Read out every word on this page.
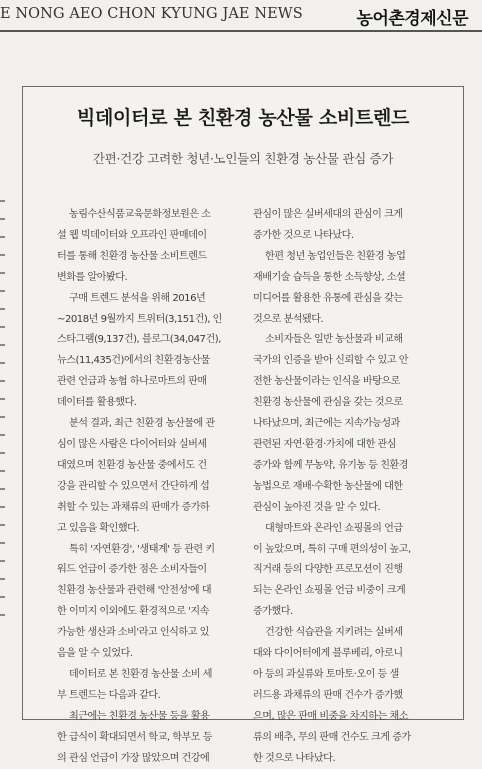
E NONG AEO CHON KYUNG JAE NEWS	농어촌경제신문
빅데이터로 본 친환경 농산물 소비트렌드
간편·건강 고려한 청년·노인들의 친환경 농산물 관심 증가
농림수산식품교육문화정보원은 소
셜 웹 빅데이터와 오프라인 판매데이
터를 통해 친환경 농산물 소비트렌드
변화를 알아봤다.
구매 트렌드 분석을 위해 2016년
~2018년 9월까지 트위터(3,151건), 인
스타그램(9,137건), 블로그(34,047건),
뉴스(11,435건)에서의 친환경농산물
관련 언급과 농협 하나로마트의 판매
데이터를 활용했다.
분석 결과, 최근 친환경 농산물에 관
심이 많은 사람은 다이어터와 실버세
대였으며 친환경 농산물 중에서도 건
강을 관리할 수 있으면서 간단하게 섭
취할 수 있는 과채류의 판매가 증가하
고 있음을 확인했다.
특히 '자연환경', '생태계' 등 관련 키
워드 언급이 증가한 점은 소비자들이
친환경 농산물과 관련해 '안전성'에 대
한 이미지 이외에도 환경적으로 '지속
가능한 생산과 소비'라고 인식하고 있
음을 알 수 있었다.
데이터로 본 친환경 농산물 소비 세
부 트렌드는 다음과 같다.
최근에는 친환경 농산물 등을 활용
한 급식이 확대되면서 학교, 학부모 등
의 관심 언급이 가장 많았으며 건강에
관심이 많은 실버세대의 관심이 크게
증가한 것으로 나타났다.
한편 청년 농업인들은 친환경 농업
재배기술 습득을 통한 소득향상, 소셜
미디어를 활용한 유통에 관심을 갖는
것으로 분석됐다.
소비자들은 일반 농산물과 비교해
국가의 인증을 받아 신뢰할 수 있고 안
전한 농산물이라는 인식을 바탕으로
친환경 농산물에 관심을 갖는 것으로
나타났으며, 최근에는 지속가능성과
관련된 자연·환경·가치에 대한 관심
증가와 함께 무농약, 유기농 등 친환경
농법으로 재배·수확한 농산물에 대한
관심이 높아진 것을 알 수 있다.
대형마트와 온라인 쇼핑몰의 언급
이 높았으며, 특히 구매 편의성이 높고,
직거래 등의 다양한 프로모션이 진행
되는 온라인 쇼핑몰 언급 비중이 크게
증가했다.
건강한 식습관을 지키려는 실버세
대와 다이어터에게 블루베리, 아로니
아 등의 과실류와 토마토·오이 등 샐
러드용 과채류의 판매 건수가 증가했
으며, 많은 판매 비중을 차지하는 채소
류의 배추, 무의 판매 건수도 크게 증가
한 것으로 나타났다.
